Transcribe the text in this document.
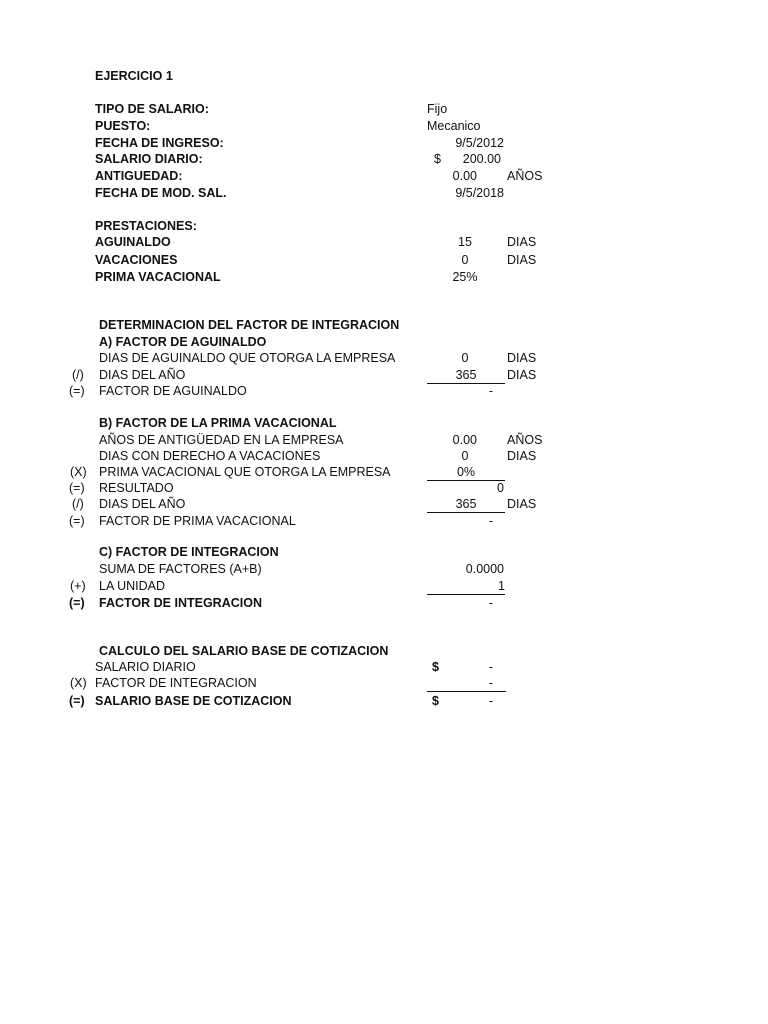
EJERCICIO 1
TIPO DE SALARIO:	Fijo
PUESTO:	Mecanico
FECHA DE INGRESO:	9/5/2012
SALARIO DIARIO:	$	200.00
ANTIGUEDAD:	0.00 AÑOS
FECHA DE MOD. SAL.	9/5/2018
PRESTACIONES:
AGUINALDO	15	DIAS
VACACIONES	0	DIAS
PRIMA VACACIONAL	25%
DETERMINACION DEL FACTOR DE INTEGRACION
A) FACTOR DE AGUINALDO
DIAS DE AGUINALDO QUE OTORGA LA EMPRESA	0	DIAS
(/) DIAS DEL AÑO	365	DIAS
(=) FACTOR DE AGUINALDO	-
B) FACTOR DE LA PRIMA VACACIONAL
AÑOS DE ANTIGÜEDAD EN LA EMPRESA	0.00 AÑOS
DIAS CON DERECHO A VACACIONES	0	DIAS
(X) PRIMA VACACIONAL QUE OTORGA LA EMPRESA	0%
(=) RESULTADO	0
(/) DIAS DEL AÑO	365	DIAS
(=) FACTOR DE PRIMA VACACIONAL	-
C) FACTOR DE INTEGRACION
SUMA DE FACTORES (A+B)	0.0000
(+) LA UNIDAD	1
(=) FACTOR DE INTEGRACION	-
CALCULO DEL SALARIO BASE DE COTIZACION
SALARIO DIARIO	$	-
(X) FACTOR DE INTEGRACION	-
(=) SALARIO BASE DE COTIZACION	$	-
